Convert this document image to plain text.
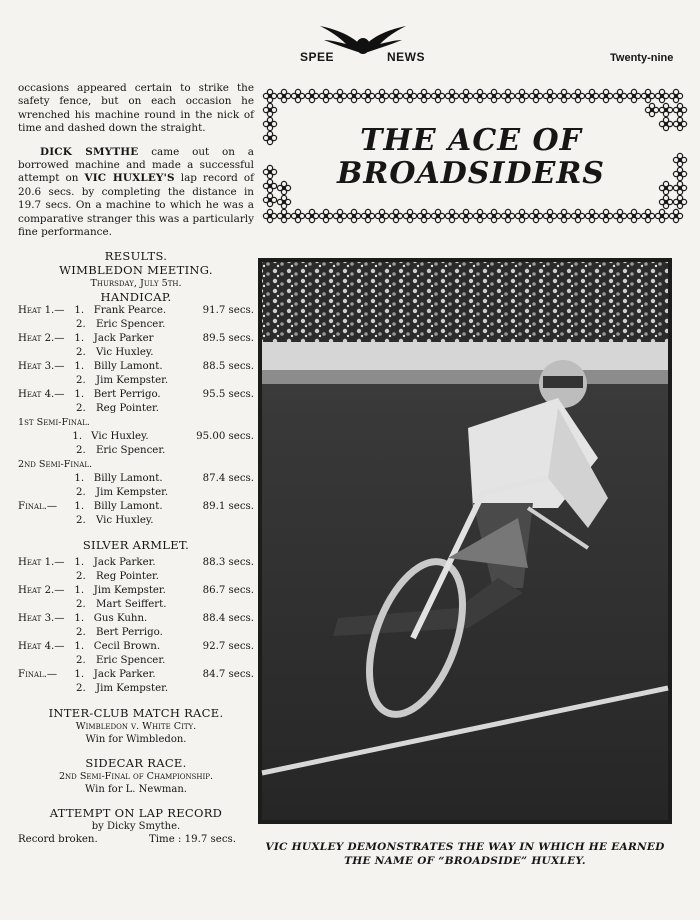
SPEE	NEWS	Twenty-nine

occasions appeared certain to strike the safety fence, but on each occasion he wrenched his machine round in the nick of time and dashed down the straight.

DICK SMYTHE came out on a borrowed machine and made a successful attempt on VIC HUXLEY'S lap record of 20.6 secs. by completing the distance in 19.7 secs. On a machine to which he was a comparative stranger this was a particularly fine performance.

RESULTS.
WIMBLEDON MEETING.
Thursday, July 5th.
HANDICAP.
Heat 1.— 1. Frank Pearce.	91.7 secs.
2.	Eric Spencer.
Heat 2.— 1. Jack Parker	89.5 secs.
2.	Vic Huxley.
Heat 3.— 1. Billy Lamont.	88.5 secs.
2.	Jim Kempster.
Heat 4.— 1. Bert Perrigo.	95.5 secs.
2.	Reg Pointer.
1st Semi-Final.
1. Vic Huxley.	95.00 secs.
2.	Eric Spencer.
2nd Semi-Final.
1. Billy Lamont.	87.4 secs.
2.	Jim Kempster.
Final.—	1. Billy Lamont.	89.1 secs.
2.	Vic Huxley.
SILVER ARMLET.
Heat 1.— 1. Jack Parker.	88.3 secs.
2.	Reg Pointer.
Heat 2.— 1. Jim Kempster.	86.7 secs.
2.	Mart Seiffert.
Heat 3.— 1. Gus Kuhn.	88.4 secs.
2.	Bert Perrigo.
Heat 4.— 1. Cecil Brown.	92.7 secs.
2.	Eric Spencer.
Final.—	1. Jack Parker.	84.7 secs.
2.	Jim Kempster.
INTER-CLUB MATCH RACE.
Wimbledon v. White City.
Win for Wimbledon.
SIDECAR RACE.
2nd Semi-Final of Championship.
Win for L. Newman.
ATTEMPT ON LAP RECORD
by Dicky Smythe.
Record broken.	Time : 19.7 secs.
THE ACE OF
BROADSIDERS
VIC HUXLEY DEMONSTRATES THE WAY IN WHICH HE EARNED
THE NAME OF “BROADSIDE” HUXLEY.
